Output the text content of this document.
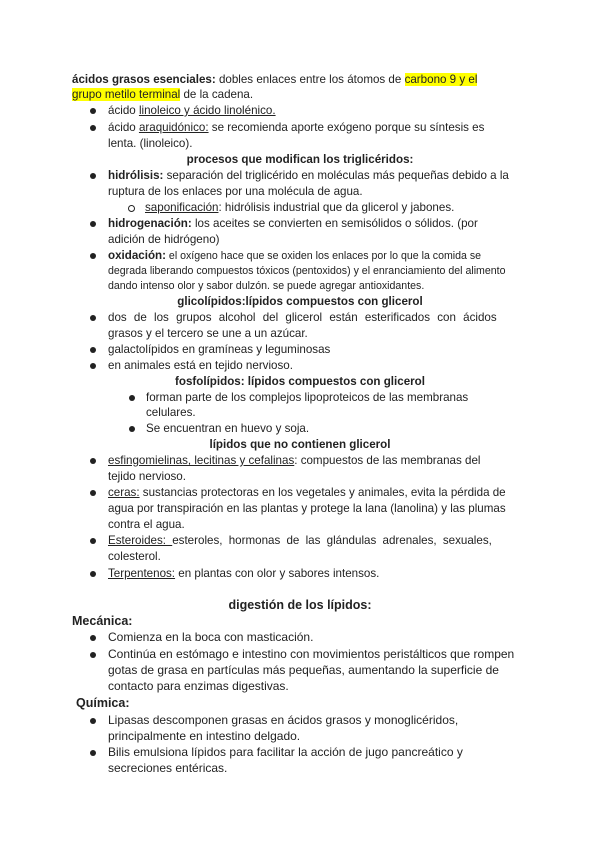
ácidos grasos esenciales: dobles enlaces entre los átomos de carbono 9 y el
grupo metilo terminal de la cadena.
ácido linoleico y ácido linolénico.
ácido araquidónico: se recomienda aporte exógeno porque su síntesis es
lenta. (linoleico).
procesos que modifican los triglicéridos:
hidrólisis: separación del triglicérido en moléculas más pequeñas debido a la
ruptura de los enlaces por una molécula de agua.
saponificación: hidrólisis industrial que da glicerol y jabones.
hidrogenación: los aceites se convierten en semisólidos o sólidos. (por
adición de hidrógeno)
oxidación: el oxígeno hace que se oxiden los enlaces por lo que la comida se
degrada liberando compuestos tóxicos (pentoxidos) y el enranciamiento del alimento
dando intenso olor y sabor dulzón. se puede agregar antioxidantes.
glicolípidos:lípidos compuestos con glicerol
dos de los grupos alcohol del glicerol están esterificados con ácidos
grasos y el tercero se une a un azúcar.
galactolípidos en gramíneas y leguminosas
en animales está en tejido nervioso.
fosfolípidos: lípidos compuestos con glicerol
forman parte de los complejos lipoproteicos de las membranas
celulares.
Se encuentran en huevo y soja.
lípidos que no contienen glicerol
esfingomielinas, lecitinas y cefalinas: compuestos de las membranas del
tejido nervioso.
ceras: sustancias protectoras en los vegetales y animales, evita la pérdida de
agua por transpiración en las plantas y protege la lana (lanolina) y las plumas
contra el agua.
Esteroides: esteroles, hormonas de las glándulas adrenales, sexuales,
colesterol.
Terpentenos: en plantas con olor y sabores intensos.
digestión de los lípidos:
Mecánica:
Comienza en la boca con masticación.
Continúa en estómago e intestino con movimientos peristálticos que rompen
gotas de grasa en partículas más pequeñas, aumentando la superficie de
contacto para enzimas digestivas.
Química:
Lipasas descomponen grasas en ácidos grasos y monoglicéridos,
principalmente en intestino delgado.
Bilis emulsiona lípidos para facilitar la acción de jugo pancreático y
secreciones entéricas.
